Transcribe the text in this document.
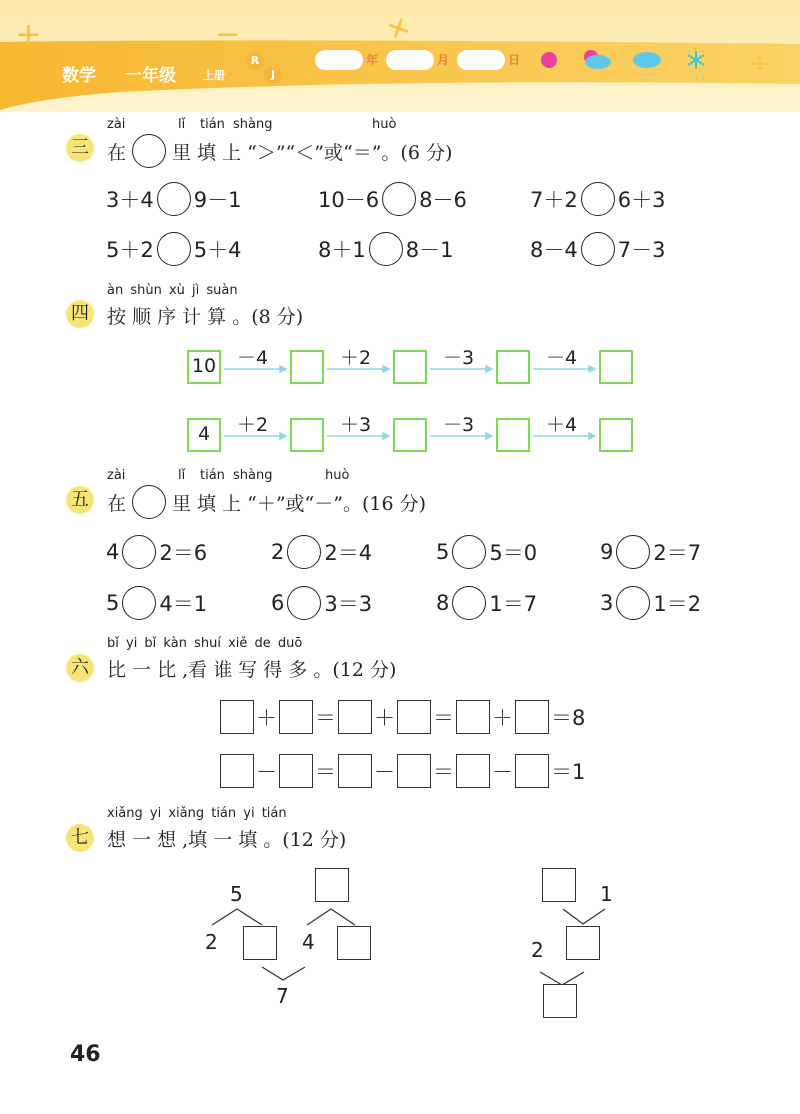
+	−	+
÷
数学 一年级 上册
R
J
年	月	日
zài	lǐ tián shàng	huò
三 在 里 填 上 “＞”“＜”或“＝”。(6 分)
3＋4 9－1	10－6 8－6	7＋2 6＋3
5＋2 5＋4	8＋1 8－1	8－4 7－3
àn shùn xù jì suàn
四 按 顺 序 计 算 。(8 分)
10 －4	＋2	－3	－4
4	＋2	＋3	－3	＋4
zài	lǐ tián shàng	huò
五 在 里 填 上 “＋”或“－”。(16 分)
4 2＝6	2 2＝4	5 5＝0	9 2＝7
5 4＝1	6 3＝3	8 1＝7	3 1＝2
bǐ yi bǐ kàn shuí xiě de duō
六 比 一 比 ,看 谁 写 得 多 。(12 分)
＋ ＝ ＋ ＝ ＋ ＝8
－ ＝ － ＝ － ＝1
xiǎng yi xiǎng tián yi tián
七 想 一 想 ,填 一 填 。(12 分)
5
2	4
7
1
2
46
